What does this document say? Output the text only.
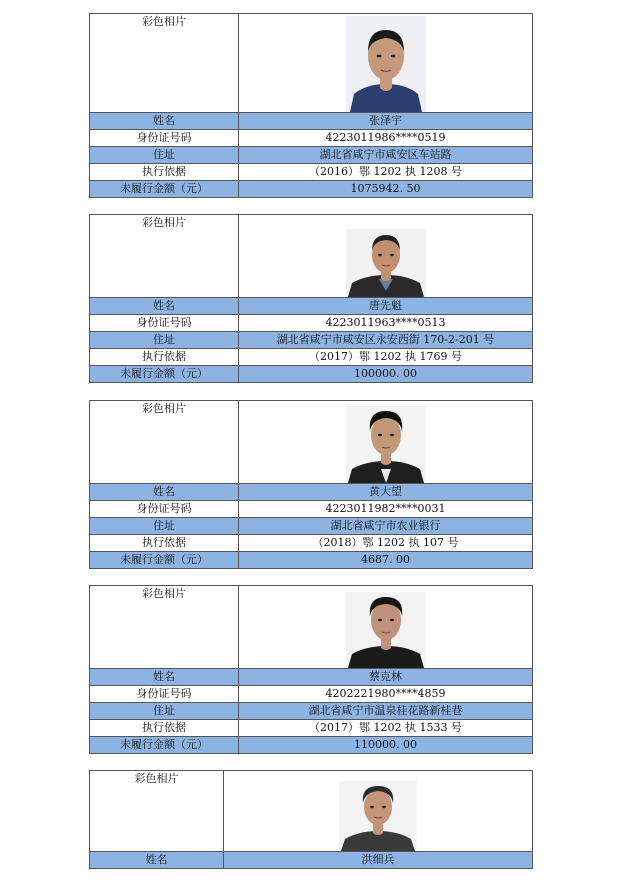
彩色相片	

姓名	张泽宇
身份证号码	4223011986****0519
住址	湖北省咸宁市咸安区车站路
执行依据	（2016）鄂 1202 执 1208 号
未履行金额（元）	1075942. 50
彩色相片	

姓名	唐先魁
身份证号码	4223011963****0513
住址	湖北省咸宁市咸安区永安西街 170-2-201 号
执行依据	（2017）鄂 1202 执 1769 号
未履行金额（元）	100000. 00
彩色相片	

姓名	黄大望
身份证号码	4223011982****0031
住址	湖北省咸宁市农业银行
执行依据	（2018）鄂 1202 执 107 号
未履行金额（元）	4687. 00
彩色相片	

姓名	蔡克林
身份证号码	4202221980****4859
住址	湖北省咸宁市温泉桂花路新桂巷
执行依据	（2017）鄂 1202 执 1533 号
未履行金额（元）	110000. 00
彩色相片	

姓名	洪细兵
